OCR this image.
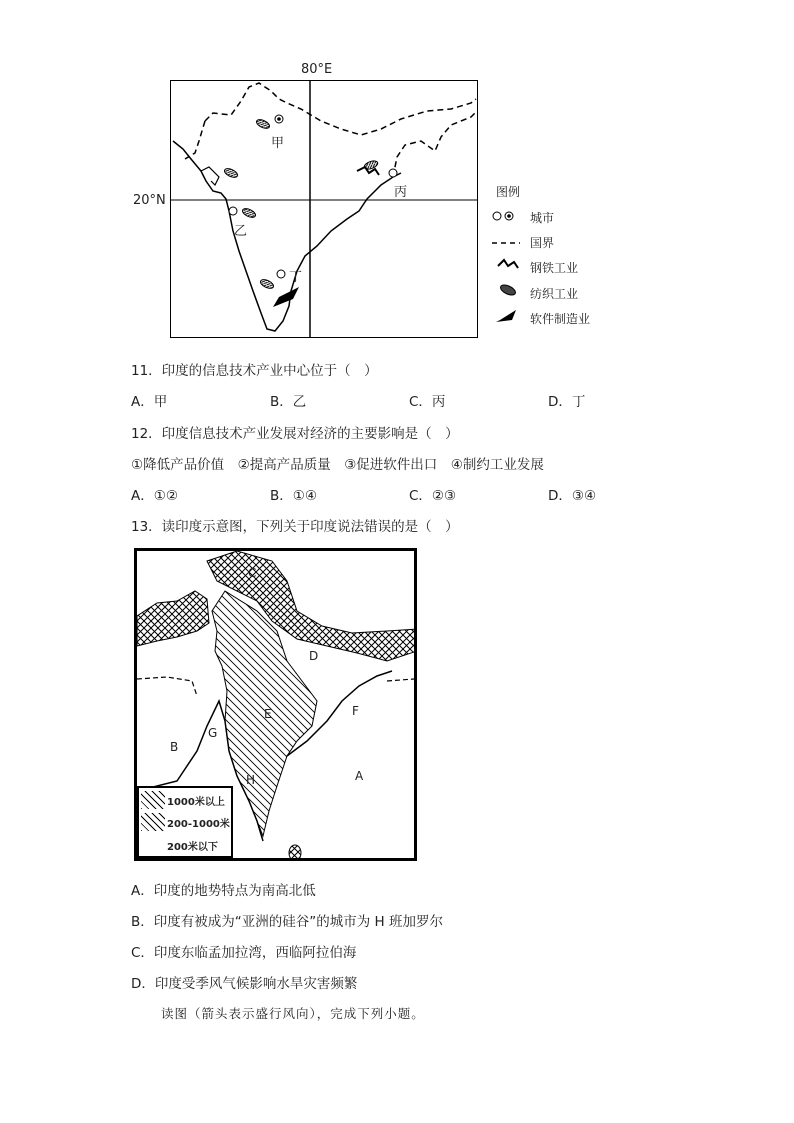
80°E
20°N
甲
丙
乙
丁
图例
城市
国界
钢铁工业
纺织工业
软件制造业
11．印度的信息技术产业中心位于（　）
A．甲	B．乙	C．丙	D．丁
12．印度信息技术产业发展对经济的主要影响是（　）
①降低产品价值　②提高产品质量　③促进软件出口　④制约工业发展
A．①②	B．①④	C．②③	D．③④
13．读印度示意图，下列关于印度说法错误的是（　）
C
D
E	F
G
B
H	A
1000米以上
200-1000米
200米以下
A．印度的地势特点为南高北低
B．印度有被成为“亚洲的硅谷”的城市为 H 班加罗尔
C．印度东临孟加拉湾，西临阿拉伯海
D．印度受季风气候影响水旱灾害频繁
读图（箭头表示盛行风向），完成下列小题。
